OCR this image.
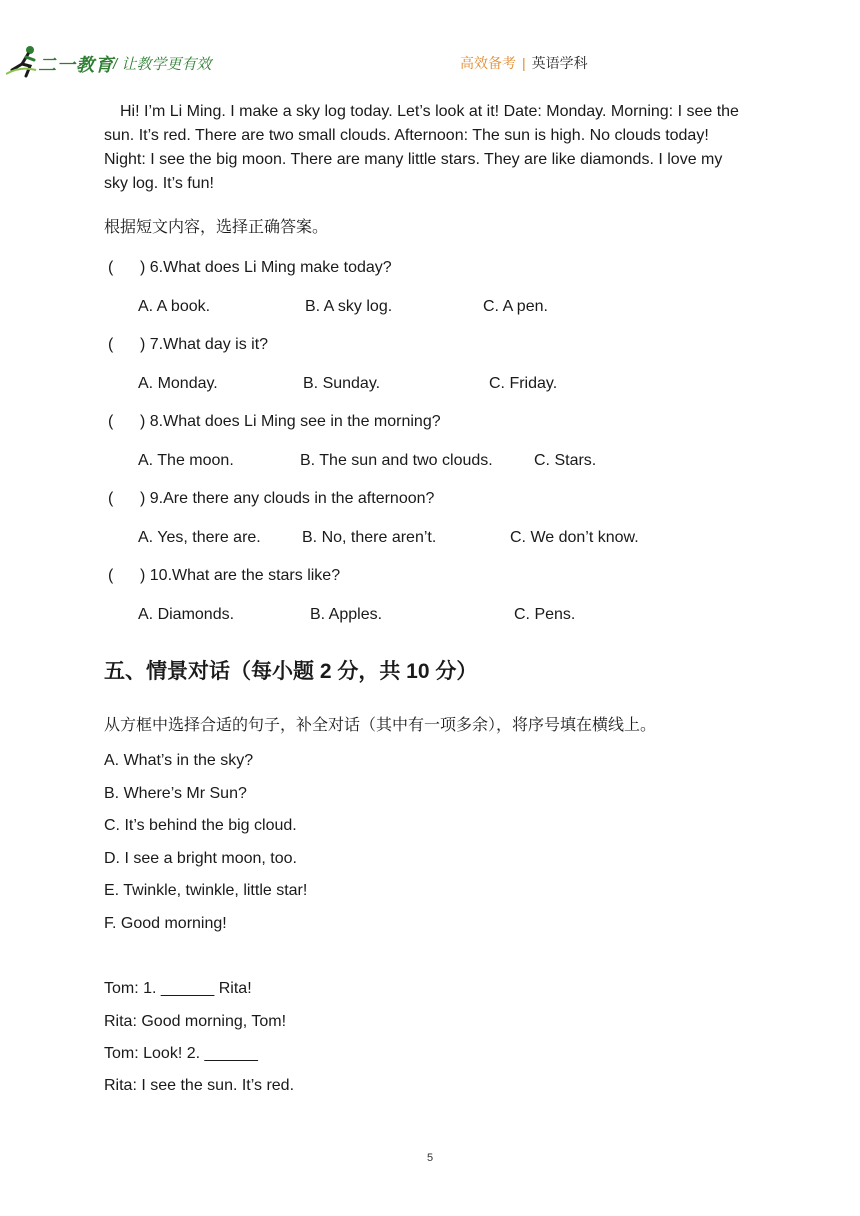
二一教育 / 让教学更有效	高效备考 | 英语学科

Hi! I’m Li Ming. I make a sky log today. Let’s look at it! Date: Monday. Morning: I see the sun. It’s red. There are two small clouds. Afternoon: The sun is high. No clouds today! Night: I see the big moon. There are many little stars. They are like diamonds. I love my sky log. It’s fun!

根据短文内容，选择正确答案。
(      ) 6.What does Li Ming make today?
A. A book.	B. A sky log.	C. A pen.
(      ) 7.What day is it?
A. Monday.	B. Sunday.	C. Friday.
(      ) 8.What does Li Ming see in the morning?
A. The moon.	B. The sun and two clouds.	C. Stars.
(      ) 9.Are there any clouds in the afternoon?
A. Yes, there are.	B. No, there aren’t.	C. We don’t know.
(      ) 10.What are the stars like?
A. Diamonds.	B. Apples.	C. Pens.
五、情景对话（每小题 2 分，共 10 分）
从方框中选择合适的句子，补全对话（其中有一项多余），将序号填在横线上。
A. What’s in the sky?
B. Where’s Mr Sun?
C. It’s behind the big cloud.
D. I see a bright moon, too.
E. Twinkle, twinkle, little star!
F. Good morning!
Tom: 1. ______ Rita!
Rita: Good morning, Tom!
Tom: Look! 2. ______
Rita: I see the sun. It’s red.
5
